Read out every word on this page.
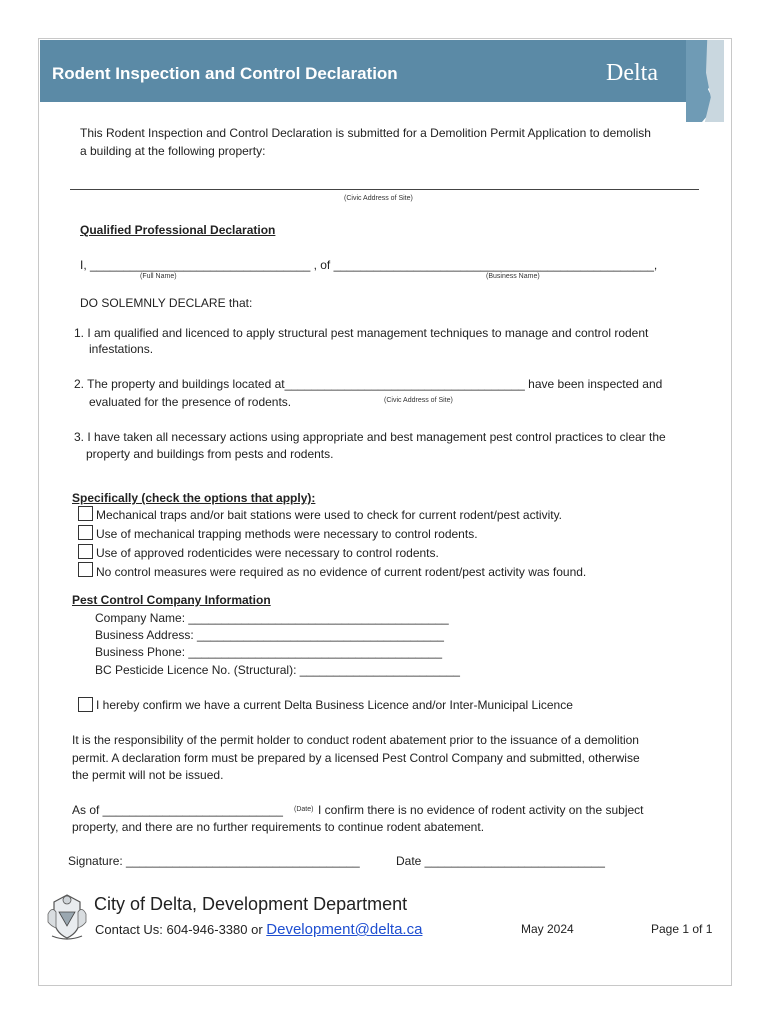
Rodent Inspection and Control Declaration	Delta
This Rodent Inspection and Control Declaration is submitted for a Demolition Permit Application to demolish
a building at the following property:
(Civic Address of Site)
Qualified Professional Declaration
I, _________________________________ , of ________________________________________________,
(Full Name)	(Business Name)
DO SOLEMNLY DECLARE that:
1. I am qualified and licenced to apply structural pest management techniques to manage and control rodent
infestations.
2. The property and buildings located at____________________________________ have been inspected and
evaluated for the presence of rodents.	(Civic Address of Site)
3. I have taken all necessary actions using appropriate and best management pest control practices to clear the
property and buildings from pests and rodents.
Specifically (check the options that apply):
Mechanical traps and/or bait stations were used to check for current rodent/pest activity.
Use of mechanical trapping methods were necessary to control rodents.
Use of approved rodenticides were necessary to control rodents.
No control measures were required as no evidence of current rodent/pest activity was found.
Pest Control Company Information
Company Name: _______________________________________
Business Address: _____________________________________
Business Phone: ______________________________________
BC Pesticide Licence No. (Structural): ________________________
I hereby confirm we have a current Delta Business Licence and/or Inter-Municipal Licence
It is the responsibility of the permit holder to conduct rodent abatement prior to the issuance of a demolition
permit. A declaration form must be prepared by a licensed Pest Control Company and submitted, otherwise
the permit will not be issued.
As of ___________________________ (Date) I confirm there is no evidence of rodent activity on the subject
property, and there are no further requirements to continue rodent abatement.
Signature: ___________________________________	Date ___________________________
City of Delta, Development Department
Contact Us: 604-946-3380 or Development@delta.ca	May 2024	Page 1 of 1
